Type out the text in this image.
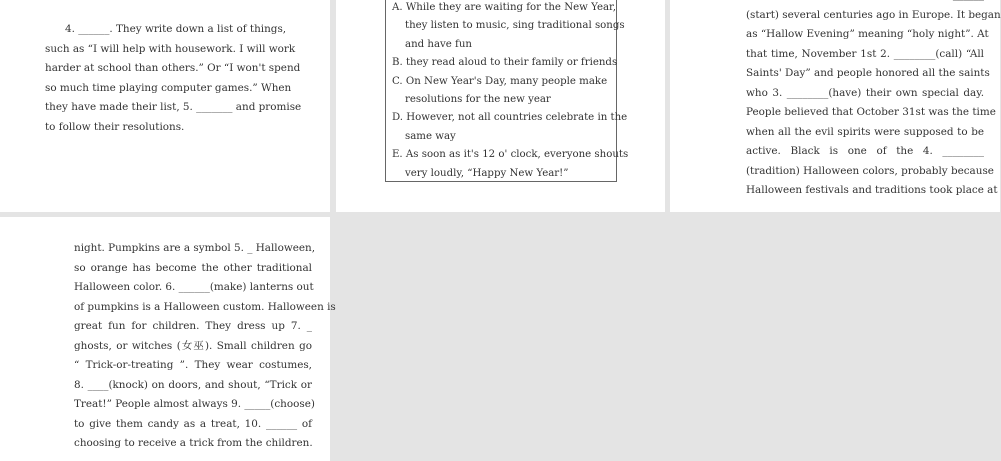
4. ______. They write down a list of things,
such as “I will help with housework. I will work
harder at school than others.” Or “I won't spend
so much time playing computer games.” When
they have made their list, 5. _______ and promise
to follow their resolutions.
A. While they are waiting for the New Year,
they listen to music, sing traditional songs
and have fun
B. they read aloud to their family or friends
C. On New Year's Day, many people make
resolutions for the new year
D. However, not all countries celebrate in the
same way
E. As soon as it's 12 o' clock, everyone shouts
very loudly, “Happy New Year!”
(start) several centuries ago in Europe. It began
as “Hallow Evening” meaning “holy night”. At
that time, November 1st 2. ________(call) “All
Saints' Day” and people honored all the saints
who 3. ________(have) their own special day.
People believed that October 31st was the time
when all the evil spirits were supposed to be
active. Black is one of the 4. ________
(tradition) Halloween colors, probably because
Halloween festivals and traditions took place at
night. Pumpkins are a symbol 5. _ Halloween,
so orange has become the other traditional
Halloween color. 6. ______(make) lanterns out
of pumpkins is a Halloween custom. Halloween is
great fun for children. They dress up 7. _
ghosts, or witches (女巫). Small children go
“ Trick-or-treating ”. They wear costumes,
8. ____(knock) on doors, and shout, “Trick or
Treat!” People almost always 9. _____(choose)
to give them candy as a treat, 10. ______ of
choosing to receive a trick from the children.
